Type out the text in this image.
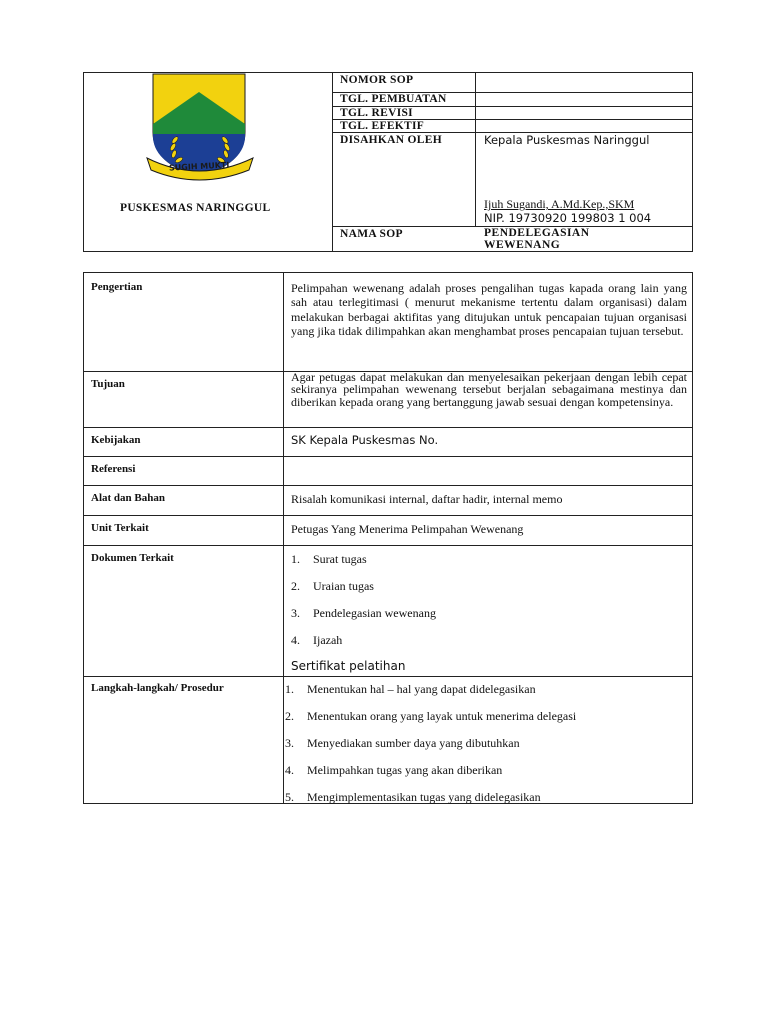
SUGIH MUKTI
PUSKESMAS NARINGGUL
NOMOR SOP
TGL. PEMBUATAN
TGL. REVISI
TGL. EFEKTIF
DISAHKAN OLEH	Kepala Puskesmas Naringgul
Ijuh Sugandi, A.Md.Kep.,SKM
NIP. 19730920 199803 1 004
NAMA SOP	PENDELEGASIAN
WEWENANG
Pengertian	Pelimpahan wewenang adalah proses pengalihan tugas kapada orang lain yang sah atau terlegitimasi ( menurut mekanisme tertentu dalam organisasi) dalam melakukan berbagai aktifitas yang ditujukan untuk pencapaian tujuan organisasi yang jika tidak dilimpahkan akan menghambat proses pencapaian tujuan tersebut.
Tujuan	Agar petugas dapat melakukan dan menyelesaikan pekerjaan dengan lebih cepat sekiranya pelimpahan wewenang tersebut berjalan sebagaimana mestinya dan diberikan kepada orang yang bertanggung jawab sesuai dengan kompetensinya.
Kebijakan	SK Kepala Puskesmas No.
Referensi
Alat dan Bahan	Risalah komunikasi internal, daftar hadir, internal memo
Unit Terkait	Petugas Yang Menerima Pelimpahan Wewenang
Dokumen Terkait	1. Surat tugas
2. Uraian tugas
3. Pendelegasian wewenang
4. Ijazah
Sertifikat pelatihan
Langkah-langkah/ Prosedur	1. Menentukan hal – hal yang dapat didelegasikan
2. Menentukan orang yang layak untuk menerima delegasi
3. Menyediakan sumber daya yang dibutuhkan
4. Melimpahkan tugas yang akan diberikan
5. Mengimplementasikan tugas yang didelegasikan
